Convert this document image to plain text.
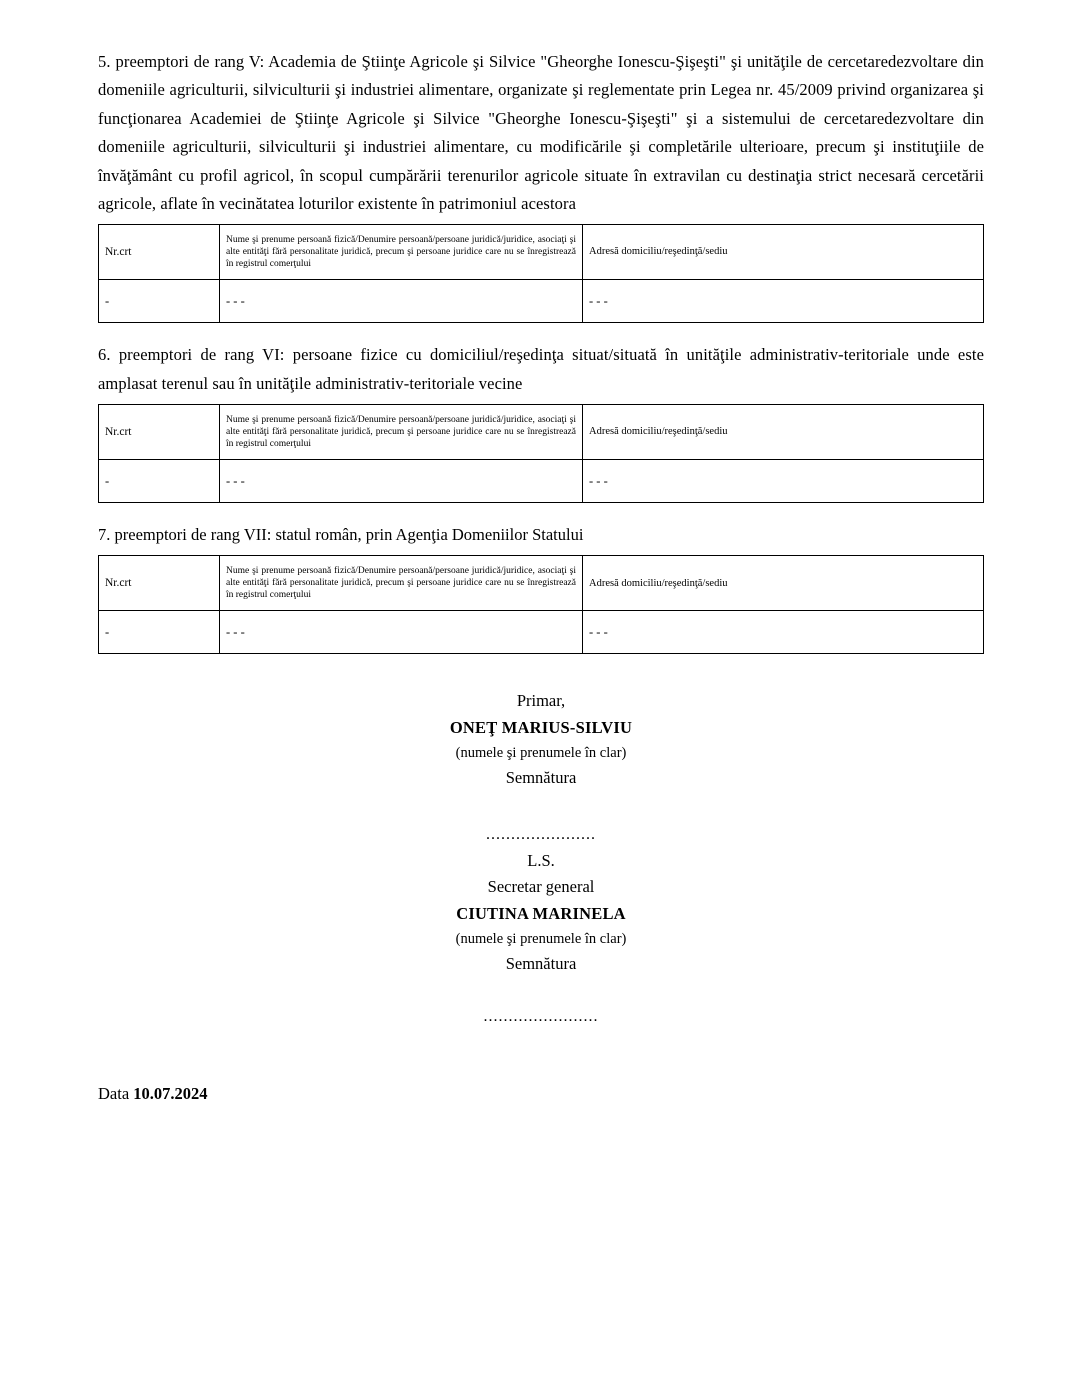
5. preemptori de rang V: Academia de Ştiinţe Agricole şi Silvice "Gheorghe Ionescu-Şişeşti" şi unităţile de cercetaredezvoltare din domeniile agriculturii, silviculturii şi industriei alimentare, organizate şi reglementate prin Legea nr. 45/2009 privind organizarea şi funcţionarea Academiei de Ştiinţe Agricole şi Silvice "Gheorghe Ionescu-Şişeşti" şi a sistemului de cercetaredezvoltare din domeniile agriculturii, silviculturii şi industriei alimentare, cu modificările şi completările ulterioare, precum şi instituţiile de învăţământ cu profil agricol, în scopul cumpărării terenurilor agricole situate în extravilan cu destinaţia strict necesară cercetării agricole, aflate în vecinătatea loturilor existente în patrimoniul acestora

Nr.crt	Nume şi prenume persoană fizică/Denumire persoană/persoane juridică/juridice, asociaţi şi alte entităţi fără personalitate juridică, precum şi persoane juridice care nu se înregistrează în registrul comerţului	Adresă domiciliu/reşedinţă/sediu
-	- - -	- - -

6. preemptori de rang VI: persoane fizice cu domiciliul/reşedinţa situat/situată în unităţile administrativ-teritoriale unde este amplasat terenul sau în unităţile administrativ-teritoriale vecine

Nr.crt	Nume şi prenume persoană fizică/Denumire persoană/persoane juridică/juridice, asociaţi şi alte entităţi fără personalitate juridică, precum şi persoane juridice care nu se înregistrează în registrul comerţului	Adresă domiciliu/reşedinţă/sediu
-	- - -	- - -

7. preemptori de rang VII: statul român, prin Agenţia Domeniilor Statului

Nr.crt	Nume şi prenume persoană fizică/Denumire persoană/persoane juridică/juridice, asociaţi şi alte entităţi fără personalitate juridică, precum şi persoane juridice care nu se înregistrează în registrul comerţului	Adresă domiciliu/reşedinţă/sediu
-	- - -	- - -
Primar,
ONEŢ MARIUS-SILVIU
(numele şi prenumele în clar)
Semnătura
......................
L.S.
Secretar general
CIUTINA MARINELA
(numele şi prenumele în clar)
Semnătura
.......................
Data 10.07.2024
